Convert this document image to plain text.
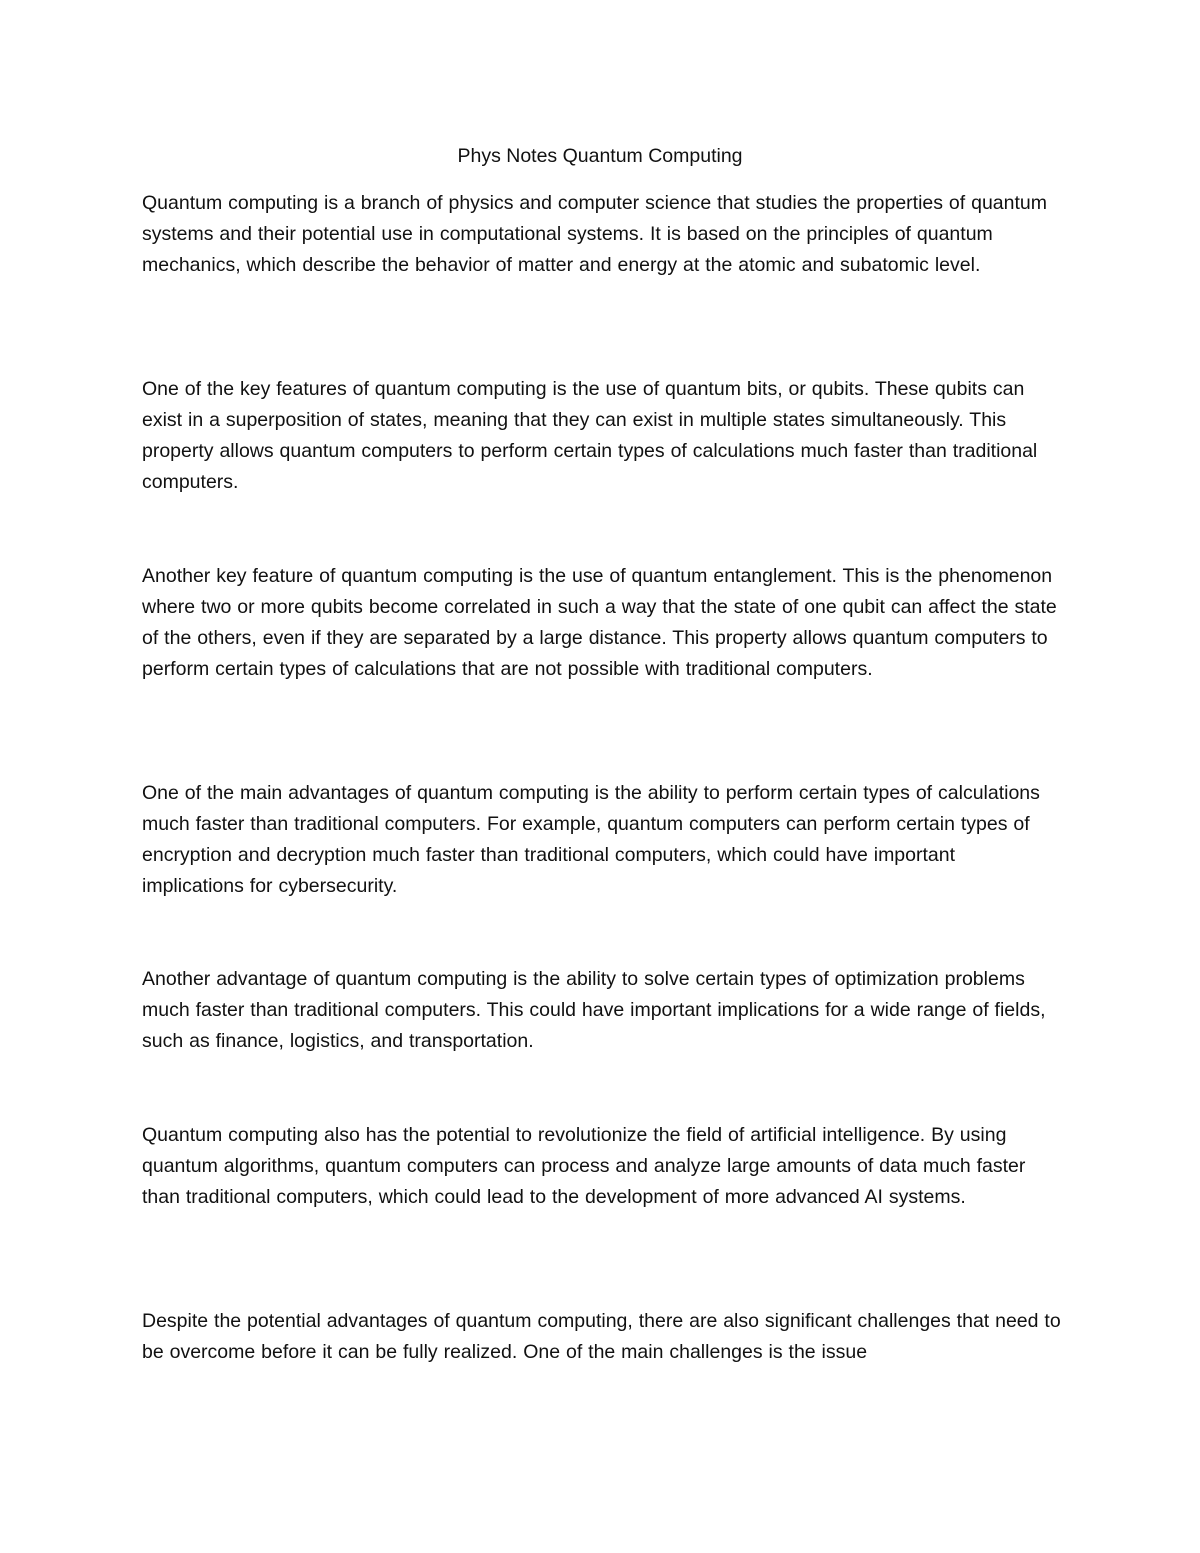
Phys Notes Quantum Computing

Quantum computing is a branch of physics and computer science that studies the properties of quantum systems and their potential use in computational systems. It is based on the principles of quantum mechanics, which describe the behavior of matter and energy at the atomic and subatomic level.

One of the key features of quantum computing is the use of quantum bits, or qubits. These qubits can exist in a superposition of states, meaning that they can exist in multiple states simultaneously. This property allows quantum computers to perform certain types of calculations much faster than traditional computers.

Another key feature of quantum computing is the use of quantum entanglement. This is the phenomenon where two or more qubits become correlated in such a way that the state of one qubit can affect the state of the others, even if they are separated by a large distance. This property allows quantum computers to perform certain types of calculations that are not possible with traditional computers.

One of the main advantages of quantum computing is the ability to perform certain types of calculations much faster than traditional computers. For example, quantum computers can perform certain types of encryption and decryption much faster than traditional computers, which could have important implications for cybersecurity.

Another advantage of quantum computing is the ability to solve certain types of optimization problems much faster than traditional computers. This could have important implications for a wide range of fields, such as finance, logistics, and transportation.

Quantum computing also has the potential to revolutionize the field of artificial intelligence. By using quantum algorithms, quantum computers can process and analyze large amounts of data much faster than traditional computers, which could lead to the development of more advanced AI systems.

Despite the potential advantages of quantum computing, there are also significant challenges that need to be overcome before it can be fully realized. One of the main challenges is the issue
